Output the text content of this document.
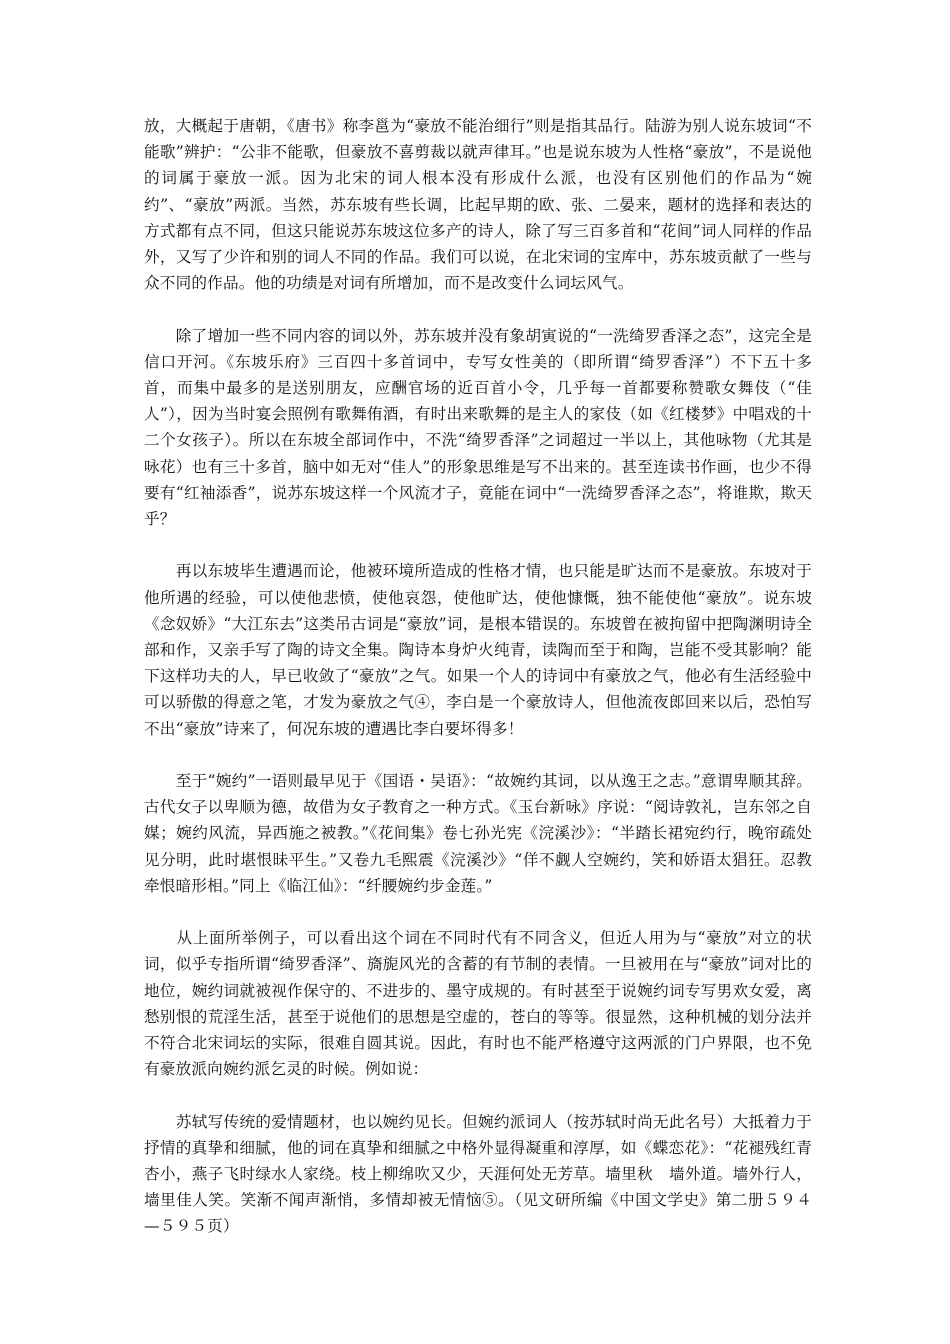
放，大概起于唐朝，《唐书》称李邕为“豪放不能治细行”则是指其品行。陆游为别人说东坡词“不能歌”辨护：“公非不能歌，但豪放不喜剪裁以就声律耳。”也是说东坡为人性格“豪放”，不是说他的词属于豪放一派。因为北宋的词人根本没有形成什么派，也没有区别他们的作品为“婉约”、“豪放”两派。当然，苏东坡有些长调，比起早期的欧、张、二晏来，题材的选择和表达的方式都有点不同，但这只能说苏东坡这位多产的诗人，除了写三百多首和“花间”词人同样的作品外，又写了少许和别的词人不同的作品。我们可以说，在北宋词的宝库中，苏东坡贡献了一些与众不同的作品。他的功绩是对词有所增加，而不是改变什么词坛风气。

　　除了增加一些不同内容的词以外，苏东坡并没有象胡寅说的“一洗绮罗香泽之态”，这完全是信口开河。《东坡乐府》三百四十多首词中，专写女性美的（即所谓“绮罗香泽”）不下五十多首，而集中最多的是送别朋友，应酬官场的近百首小令，几乎每一首都要称赞歌女舞伎（“佳人”），因为当时宴会照例有歌舞侑酒，有时出来歌舞的是主人的家伎（如《红楼梦》中唱戏的十二个女孩子）。所以在东坡全部词作中，不洗“绮罗香泽”之词超过一半以上，其他咏物（尤其是咏花）也有三十多首，脑中如无对“佳人”的形象思维是写不出来的。甚至连读书作画，也少不得要有“红袖添香”，说苏东坡这样一个风流才子，竟能在词中“一洗绮罗香泽之态”，将谁欺，欺天乎？

　　再以东坡毕生遭遇而论，他被环境所造成的性格才情，也只能是旷达而不是豪放。东坡对于他所遇的经验，可以使他悲愤，使他哀怨，使他旷达，使他慷慨，独不能使他“豪放”。说东坡《念奴娇》“大江东去”这类吊古词是“豪放”词，是根本错误的。东坡曾在被拘留中把陶渊明诗全部和作，又亲手写了陶的诗文全集。陶诗本身炉火纯青，读陶而至于和陶，岂能不受其影响？能下这样功夫的人，早已收敛了“豪放”之气。如果一个人的诗词中有豪放之气，他必有生活经验中可以骄傲的得意之笔，才发为豪放之气④，李白是一个豪放诗人，但他流夜郎回来以后，恐怕写不出“豪放”诗来了，何况东坡的遭遇比李白要坏得多！

　　至于“婉约”一语则最早见于《国语・吴语》：“故婉约其词，以从逸王之志。”意谓卑顺其辞。古代女子以卑顺为德，故借为女子教育之一种方式。《玉台新咏》序说：“阅诗敦礼，岂东邻之自媒；婉约风流，异西施之被教。”《花间集》卷七孙光宪《浣溪沙》：“半踏长裙宛约行，晚帘疏处见分明，此时堪恨昧平生。”又卷九毛熙震《浣溪沙》“佯不觑人空婉约，笑和娇语太猖狂。忍教牵恨暗形相。”同上《临江仙》：“纤腰婉约步金莲。”

　　从上面所举例子，可以看出这个词在不同时代有不同含义，但近人用为与“豪放”对立的状词，似乎专指所谓“绮罗香泽”、旖旎风光的含蓄的有节制的表情。一旦被用在与“豪放”词对比的地位，婉约词就被视作保守的、不进步的、墨守成规的。有时甚至于说婉约词专写男欢女爱，离愁别恨的荒淫生活，甚至于说他们的思想是空虚的，苍白的等等。很显然，这种机械的划分法并不符合北宋词坛的实际，很难自圆其说。因此，有时也不能严格遵守这两派的门户界限，也不免有豪放派向婉约派乞灵的时候。例如说：

　　苏轼写传统的爱情题材，也以婉约见长。但婉约派词人（按苏轼时尚无此名号）大抵着力于抒情的真挚和细腻，他的词在真挚和细腻之中格外显得凝重和淳厚，如《蝶恋花》：“花褪残红青杏小，燕子飞时绿水人家绕。枝上柳绵吹又少，天涯何处无芳草。墙里秋　墙外道。墙外行人，墙里佳人笑。笑渐不闻声渐悄，多情却被无情恼⑤。（见文研所编《中国文学史》第二册５９４—５９５页）
